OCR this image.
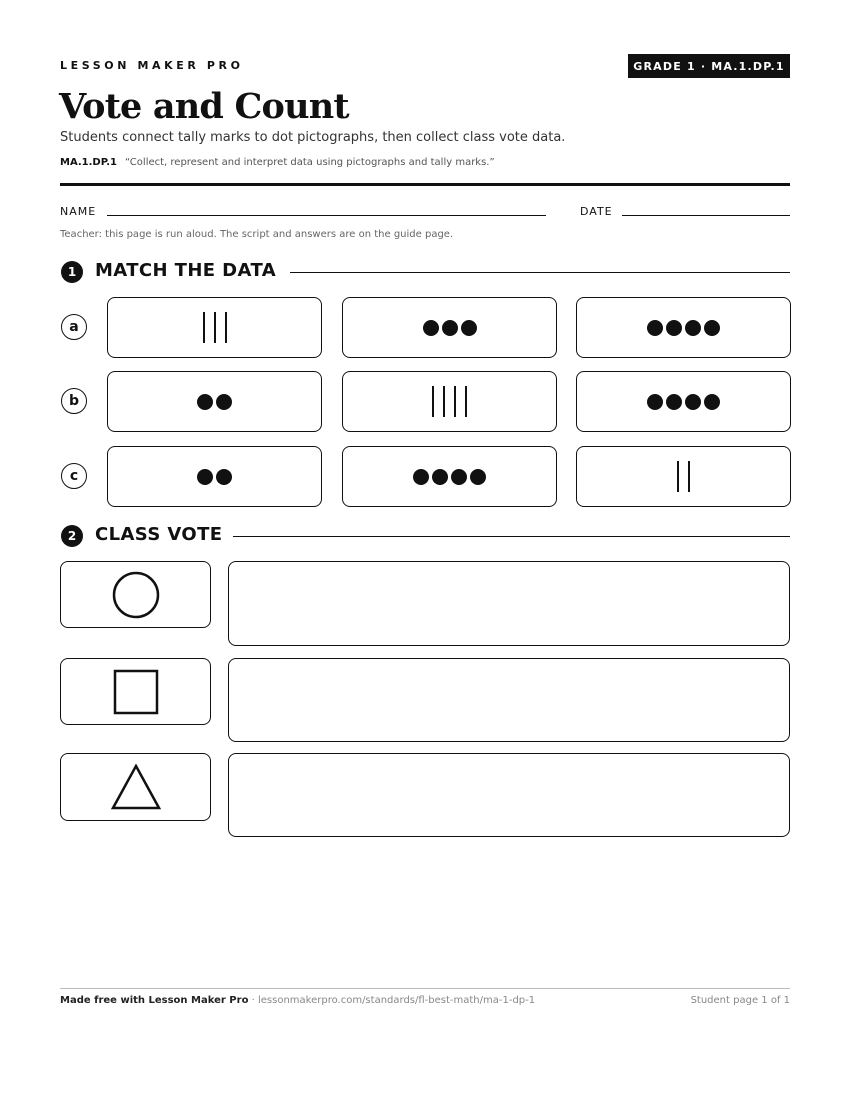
LESSON MAKER PRO	GRADE 1 · MA.1.DP.1
Vote and Count
Students connect tally marks to dot pictographs, then collect class vote data.
MA.1.DP.1 “Collect, represent and interpret data using pictographs and tally marks.”
NAME	DATE
Teacher: this page is run aloud. The script and answers are on the guide page.
1	MATCH THE DATA
a
b
c
2	CLASS VOTE
Made free with Lesson Maker Pro · lessonmakerpro.com/standards/fl-best-math/ma-1-dp-1	Student page 1 of 1
